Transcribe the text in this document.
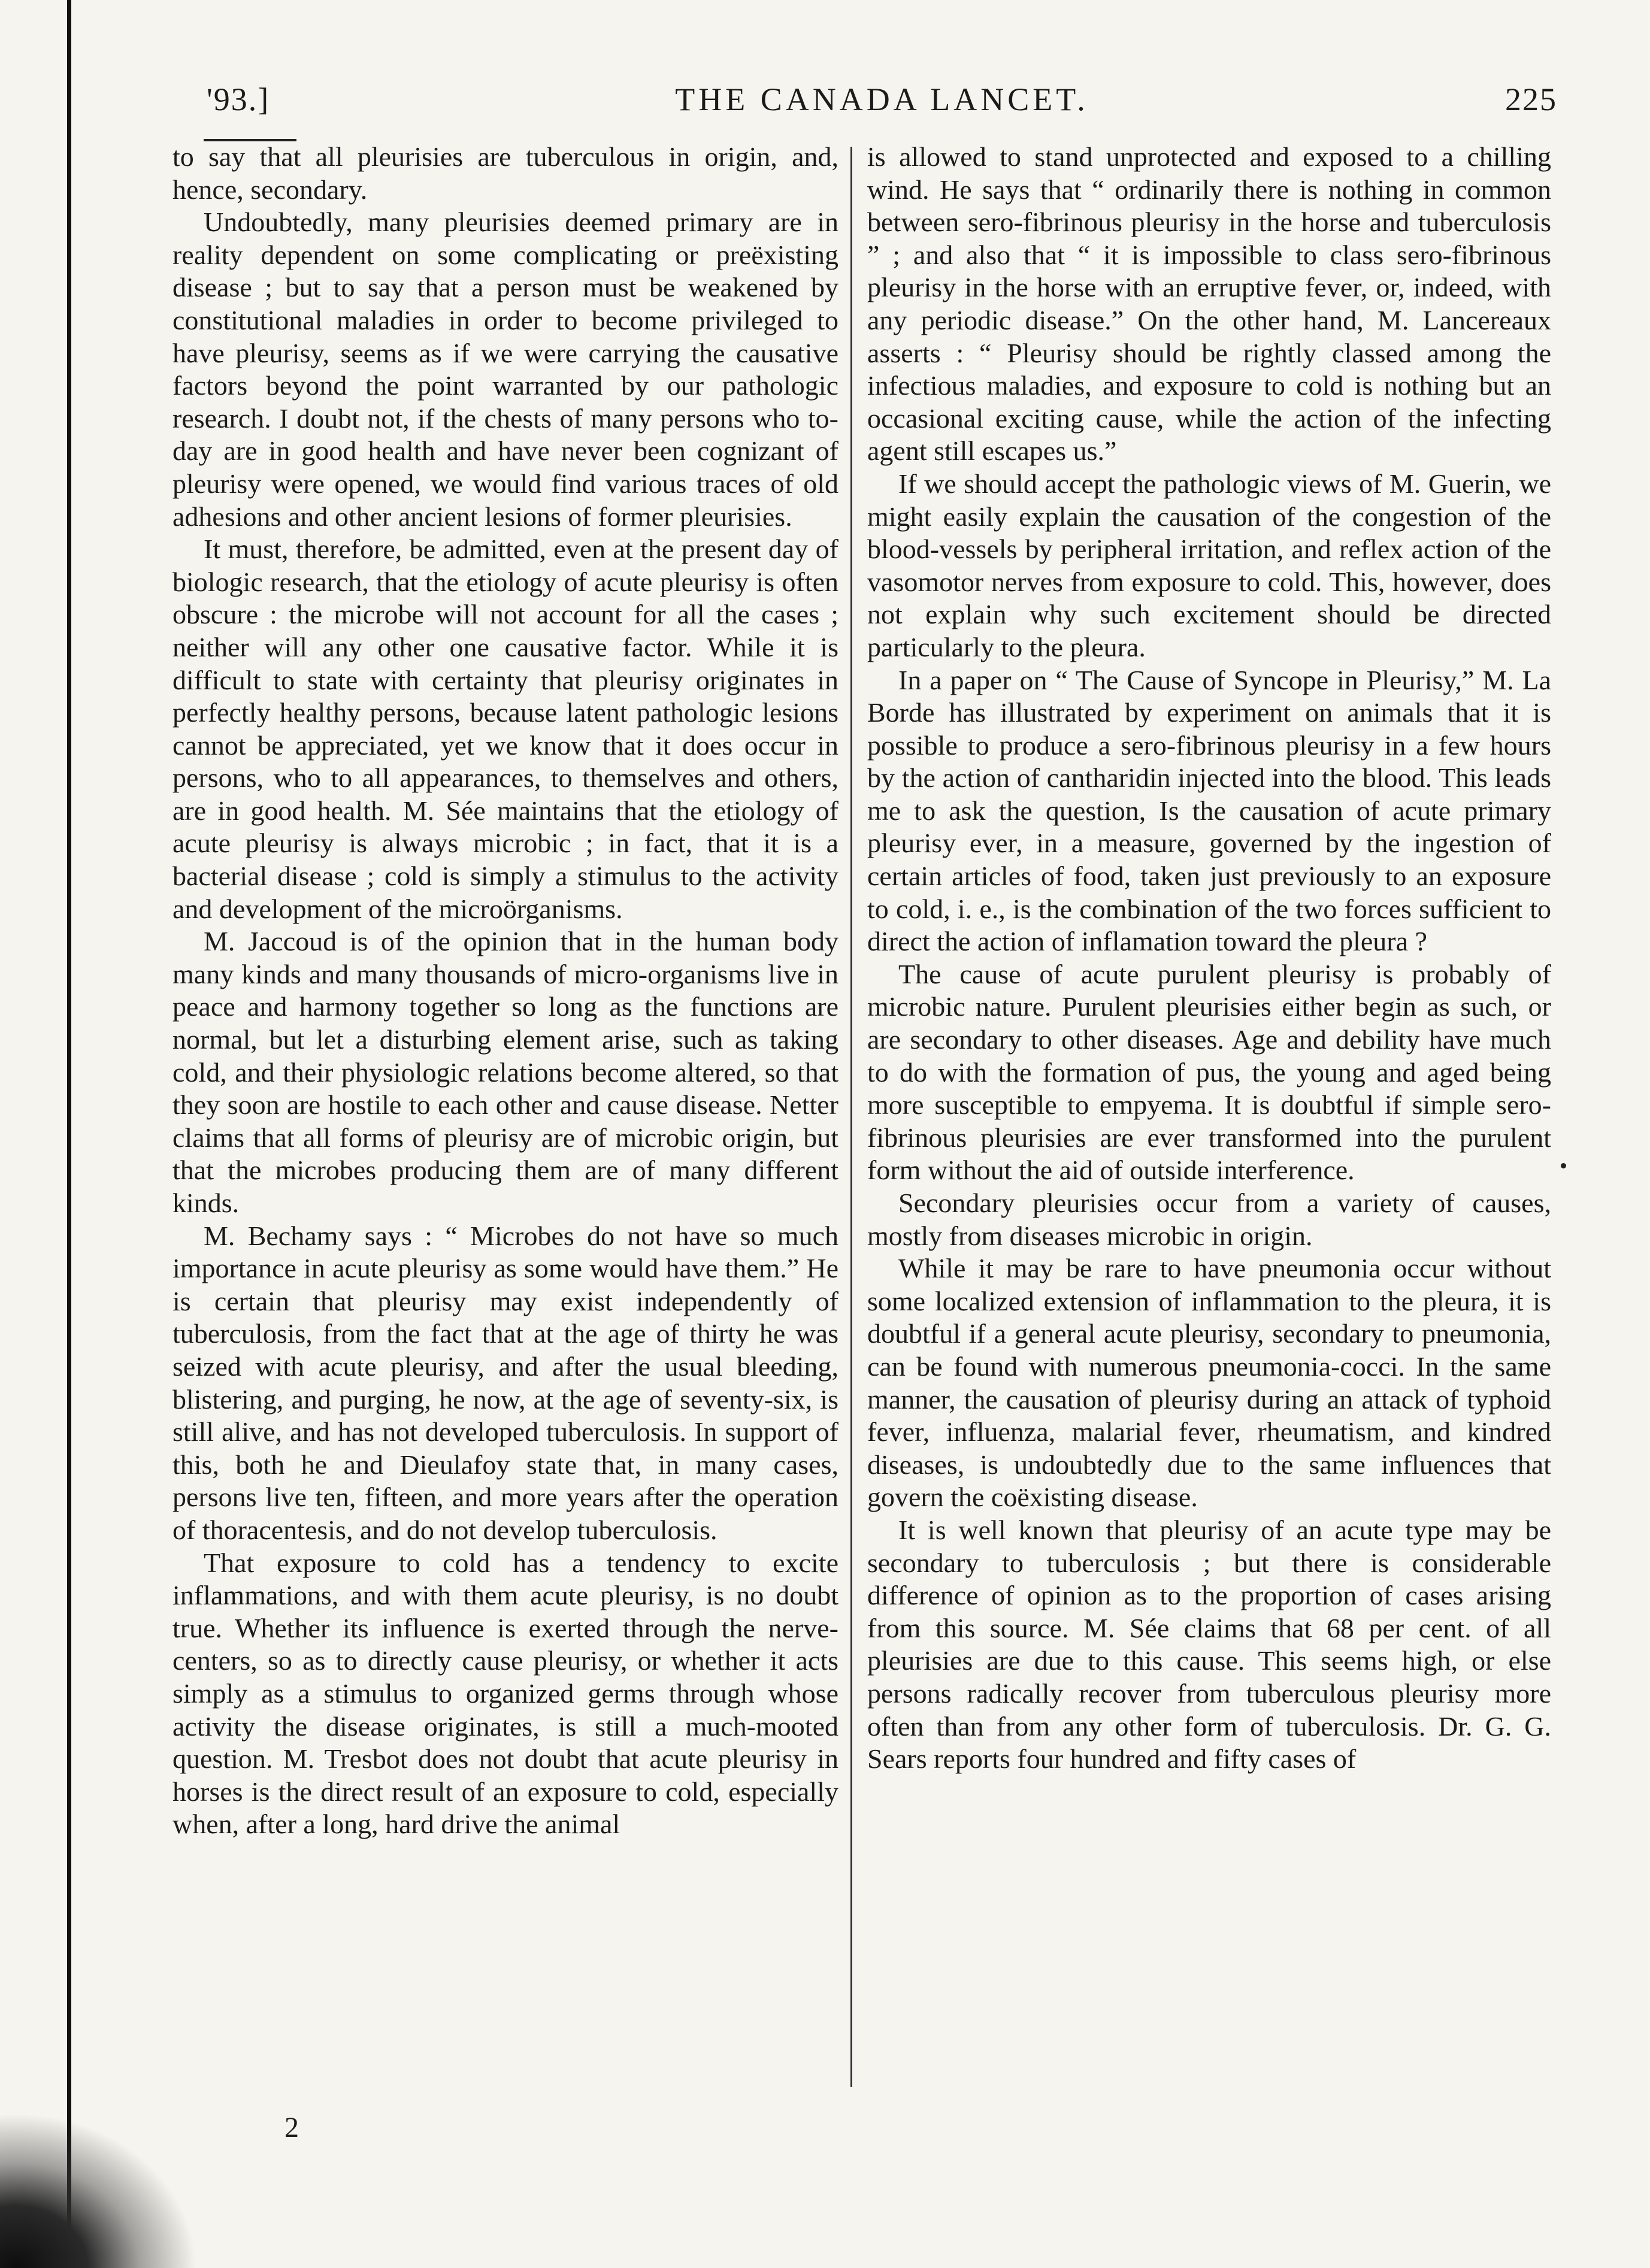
'93.]	THE CANADA LANCET.	225

to say that all pleurisies are tuberculous in origin, and, hence, secondary.

Undoubtedly, many pleurisies deemed primary are in reality dependent on some complicating or preëxisting disease ; but to say that a person must be weakened by constitutional maladies in order to become privileged to have pleurisy, seems as if we were carrying the causative factors beyond the point warranted by our pathologic research. I doubt not, if the chests of many persons who to-day are in good health and have never been cognizant of pleurisy were opened, we would find various traces of old adhesions and other ancient lesions of former pleurisies.

It must, therefore, be admitted, even at the present day of biologic research, that the etiology of acute pleurisy is often obscure : the microbe will not account for all the cases ; neither will any other one causative factor. While it is difficult to state with certainty that pleurisy originates in perfectly healthy persons, because latent pathologic lesions cannot be appreciated, yet we know that it does occur in persons, who to all appearances, to themselves and others, are in good health. M. Sée maintains that the etiology of acute pleurisy is always microbic ; in fact, that it is a bacterial disease ; cold is simply a stimulus to the activity and development of the microörganisms.

M. Jaccoud is of the opinion that in the human body many kinds and many thousands of micro-organisms live in peace and harmony together so long as the functions are normal, but let a disturbing element arise, such as taking cold, and their physiologic relations become altered, so that they soon are hostile to each other and cause disease. Netter claims that all forms of pleurisy are of microbic origin, but that the microbes producing them are of many different kinds.

M. Bechamy says : “ Microbes do not have so much importance in acute pleurisy as some would have them.” He is certain that pleurisy may exist independently of tuberculosis, from the fact that at the age of thirty he was seized with acute pleurisy, and after the usual bleeding, blistering, and purging, he now, at the age of seventy-six, is still alive, and has not developed tuberculosis. In support of this, both he and Dieulafoy state that, in many cases, persons live ten, fifteen, and more years after the operation of thoracentesis, and do not develop tuberculosis.

That exposure to cold has a tendency to excite inflammations, and with them acute pleurisy, is no doubt true. Whether its influence is exerted through the nerve-centers, so as to directly cause pleurisy, or whether it acts simply as a stimulus to organized germs through whose activity the disease originates, is still a much-mooted question. M. Tresbot does not doubt that acute pleurisy in horses is the direct result of an exposure to cold, especially when, after a long, hard drive the animal

is allowed to stand unprotected and exposed to a chilling wind. He says that “ ordinarily there is nothing in common between sero-fibrinous pleurisy in the horse and tuberculosis ” ; and also that “ it is impossible to class sero-fibrinous pleurisy in the horse with an erruptive fever, or, indeed, with any periodic disease.” On the other hand, M. Lancereaux asserts : “ Pleurisy should be rightly classed among the infectious maladies, and exposure to cold is nothing but an occasional exciting cause, while the action of the infecting agent still escapes us.”

If we should accept the pathologic views of M. Guerin, we might easily explain the causation of the congestion of the blood-vessels by peripheral irritation, and reflex action of the vasomotor nerves from exposure to cold. This, however, does not explain why such excitement should be directed particularly to the pleura.

In a paper on “ The Cause of Syncope in Pleurisy,” M. La Borde has illustrated by experiment on animals that it is possible to produce a sero-fibrinous pleurisy in a few hours by the action of cantharidin injected into the blood. This leads me to ask the question, Is the causation of acute primary pleurisy ever, in a measure, governed by the ingestion of certain articles of food, taken just previously to an exposure to cold, i. e., is the combination of the two forces sufficient to direct the action of inflamation toward the pleura ?

The cause of acute purulent pleurisy is probably of microbic nature. Purulent pleurisies either begin as such, or are secondary to other diseases. Age and debility have much to do with the formation of pus, the young and aged being more susceptible to empyema. It is doubtful if simple sero-fibrinous pleurisies are ever transformed into the purulent form without the aid of outside interference.

Secondary pleurisies occur from a variety of causes, mostly from diseases microbic in origin.

While it may be rare to have pneumonia occur without some localized extension of inflammation to the pleura, it is doubtful if a general acute pleurisy, secondary to pneumonia, can be found with numerous pneumonia-cocci. In the same manner, the causation of pleurisy during an attack of typhoid fever, influenza, malarial fever, rheumatism, and kindred diseases, is undoubtedly due to the same influences that govern the coëxisting disease.

It is well known that pleurisy of an acute type may be secondary to tuberculosis ; but there is considerable difference of opinion as to the proportion of cases arising from this source. M. Sée claims that 68 per cent. of all pleurisies are due to this cause. This seems high, or else persons radically recover from tuberculous pleurisy more often than from any other form of tuberculosis. Dr. G. G. Sears reports four hundred and fifty cases of

2
